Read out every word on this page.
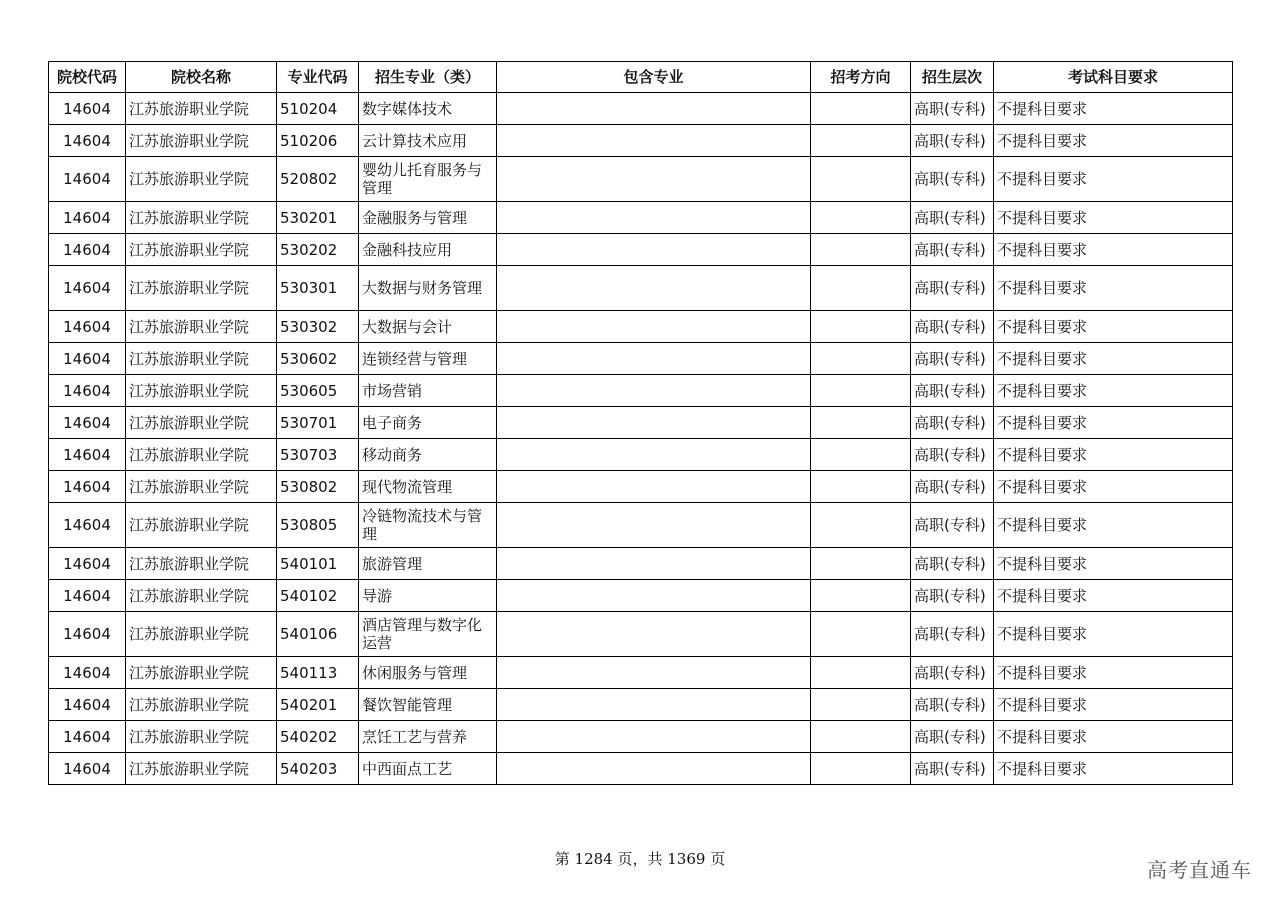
院校代码	院校名称	专业代码	招生专业（类）	包含专业	招考方向	招生层次	考试科目要求
14604	江苏旅游职业学院	510204	数字媒体技术			高职(专科)	不提科目要求
14604	江苏旅游职业学院	510206	云计算技术应用			高职(专科)	不提科目要求
14604	江苏旅游职业学院	520802	婴幼儿托育服务与管理			高职(专科)	不提科目要求
14604	江苏旅游职业学院	530201	金融服务与管理			高职(专科)	不提科目要求
14604	江苏旅游职业学院	530202	金融科技应用			高职(专科)	不提科目要求
14604	江苏旅游职业学院	530301	大数据与财务管理			高职(专科)	不提科目要求
14604	江苏旅游职业学院	530302	大数据与会计			高职(专科)	不提科目要求
14604	江苏旅游职业学院	530602	连锁经营与管理			高职(专科)	不提科目要求
14604	江苏旅游职业学院	530605	市场营销			高职(专科)	不提科目要求
14604	江苏旅游职业学院	530701	电子商务			高职(专科)	不提科目要求
14604	江苏旅游职业学院	530703	移动商务			高职(专科)	不提科目要求
14604	江苏旅游职业学院	530802	现代物流管理			高职(专科)	不提科目要求
14604	江苏旅游职业学院	530805	冷链物流技术与管理			高职(专科)	不提科目要求
14604	江苏旅游职业学院	540101	旅游管理			高职(专科)	不提科目要求
14604	江苏旅游职业学院	540102	导游			高职(专科)	不提科目要求
14604	江苏旅游职业学院	540106	酒店管理与数字化运营			高职(专科)	不提科目要求
14604	江苏旅游职业学院	540113	休闲服务与管理			高职(专科)	不提科目要求
14604	江苏旅游职业学院	540201	餐饮智能管理			高职(专科)	不提科目要求
14604	江苏旅游职业学院	540202	烹饪工艺与营养			高职(专科)	不提科目要求
14604	江苏旅游职业学院	540203	中西面点工艺			高职(专科)	不提科目要求
第 1284 页，共 1369 页	高考直通车
